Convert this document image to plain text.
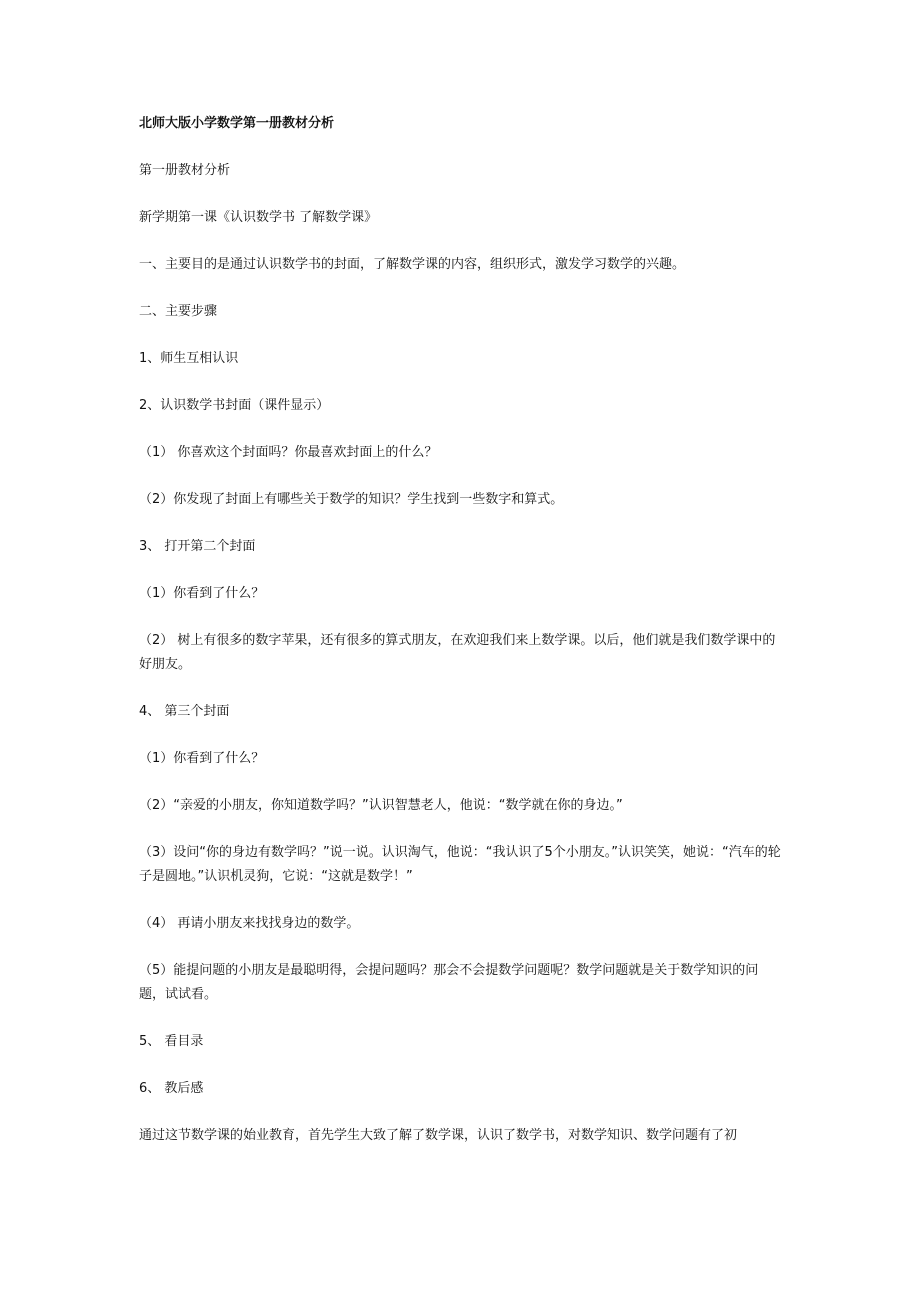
北师大版小学数学第一册教材分析

第一册教材分析

新学期第一课《认识数学书 了解数学课》

一、主要目的是通过认识数学书的封面，了解数学课的内容，组织形式，激发学习数学的兴趣。

二、主要步骤

1、师生互相认识

2、认识数学书封面（课件显示）

（1） 你喜欢这个封面吗？你最喜欢封面上的什么？

（2）你发现了封面上有哪些关于数学的知识？学生找到一些数字和算式。

3、 打开第二个封面

（1）你看到了什么？

（2） 树上有很多的数字苹果，还有很多的算式朋友，在欢迎我们来上数学课。以后，他们就是我们数学课中的好朋友。

4、 第三个封面

（1）你看到了什么？

（2）“亲爱的小朋友，你知道数学吗？”认识智慧老人，他说：“数学就在你的身边。”

（3）设问“你的身边有数学吗？”说一说。认识淘气，他说：“我认识了5个小朋友。”认识笑笑，她说：“汽车的轮子是圆地。”认识机灵狗，它说：“这就是数学！”

（4） 再请小朋友来找找身边的数学。

（5）能提问题的小朋友是最聪明得，会提问题吗？那会不会提数学问题呢？数学问题就是关于数学知识的问题，试试看。

5、 看目录

6、 教后感

通过这节数学课的始业教育，首先学生大致了解了数学课，认识了数学书，对数学知识、数学问题有了初
